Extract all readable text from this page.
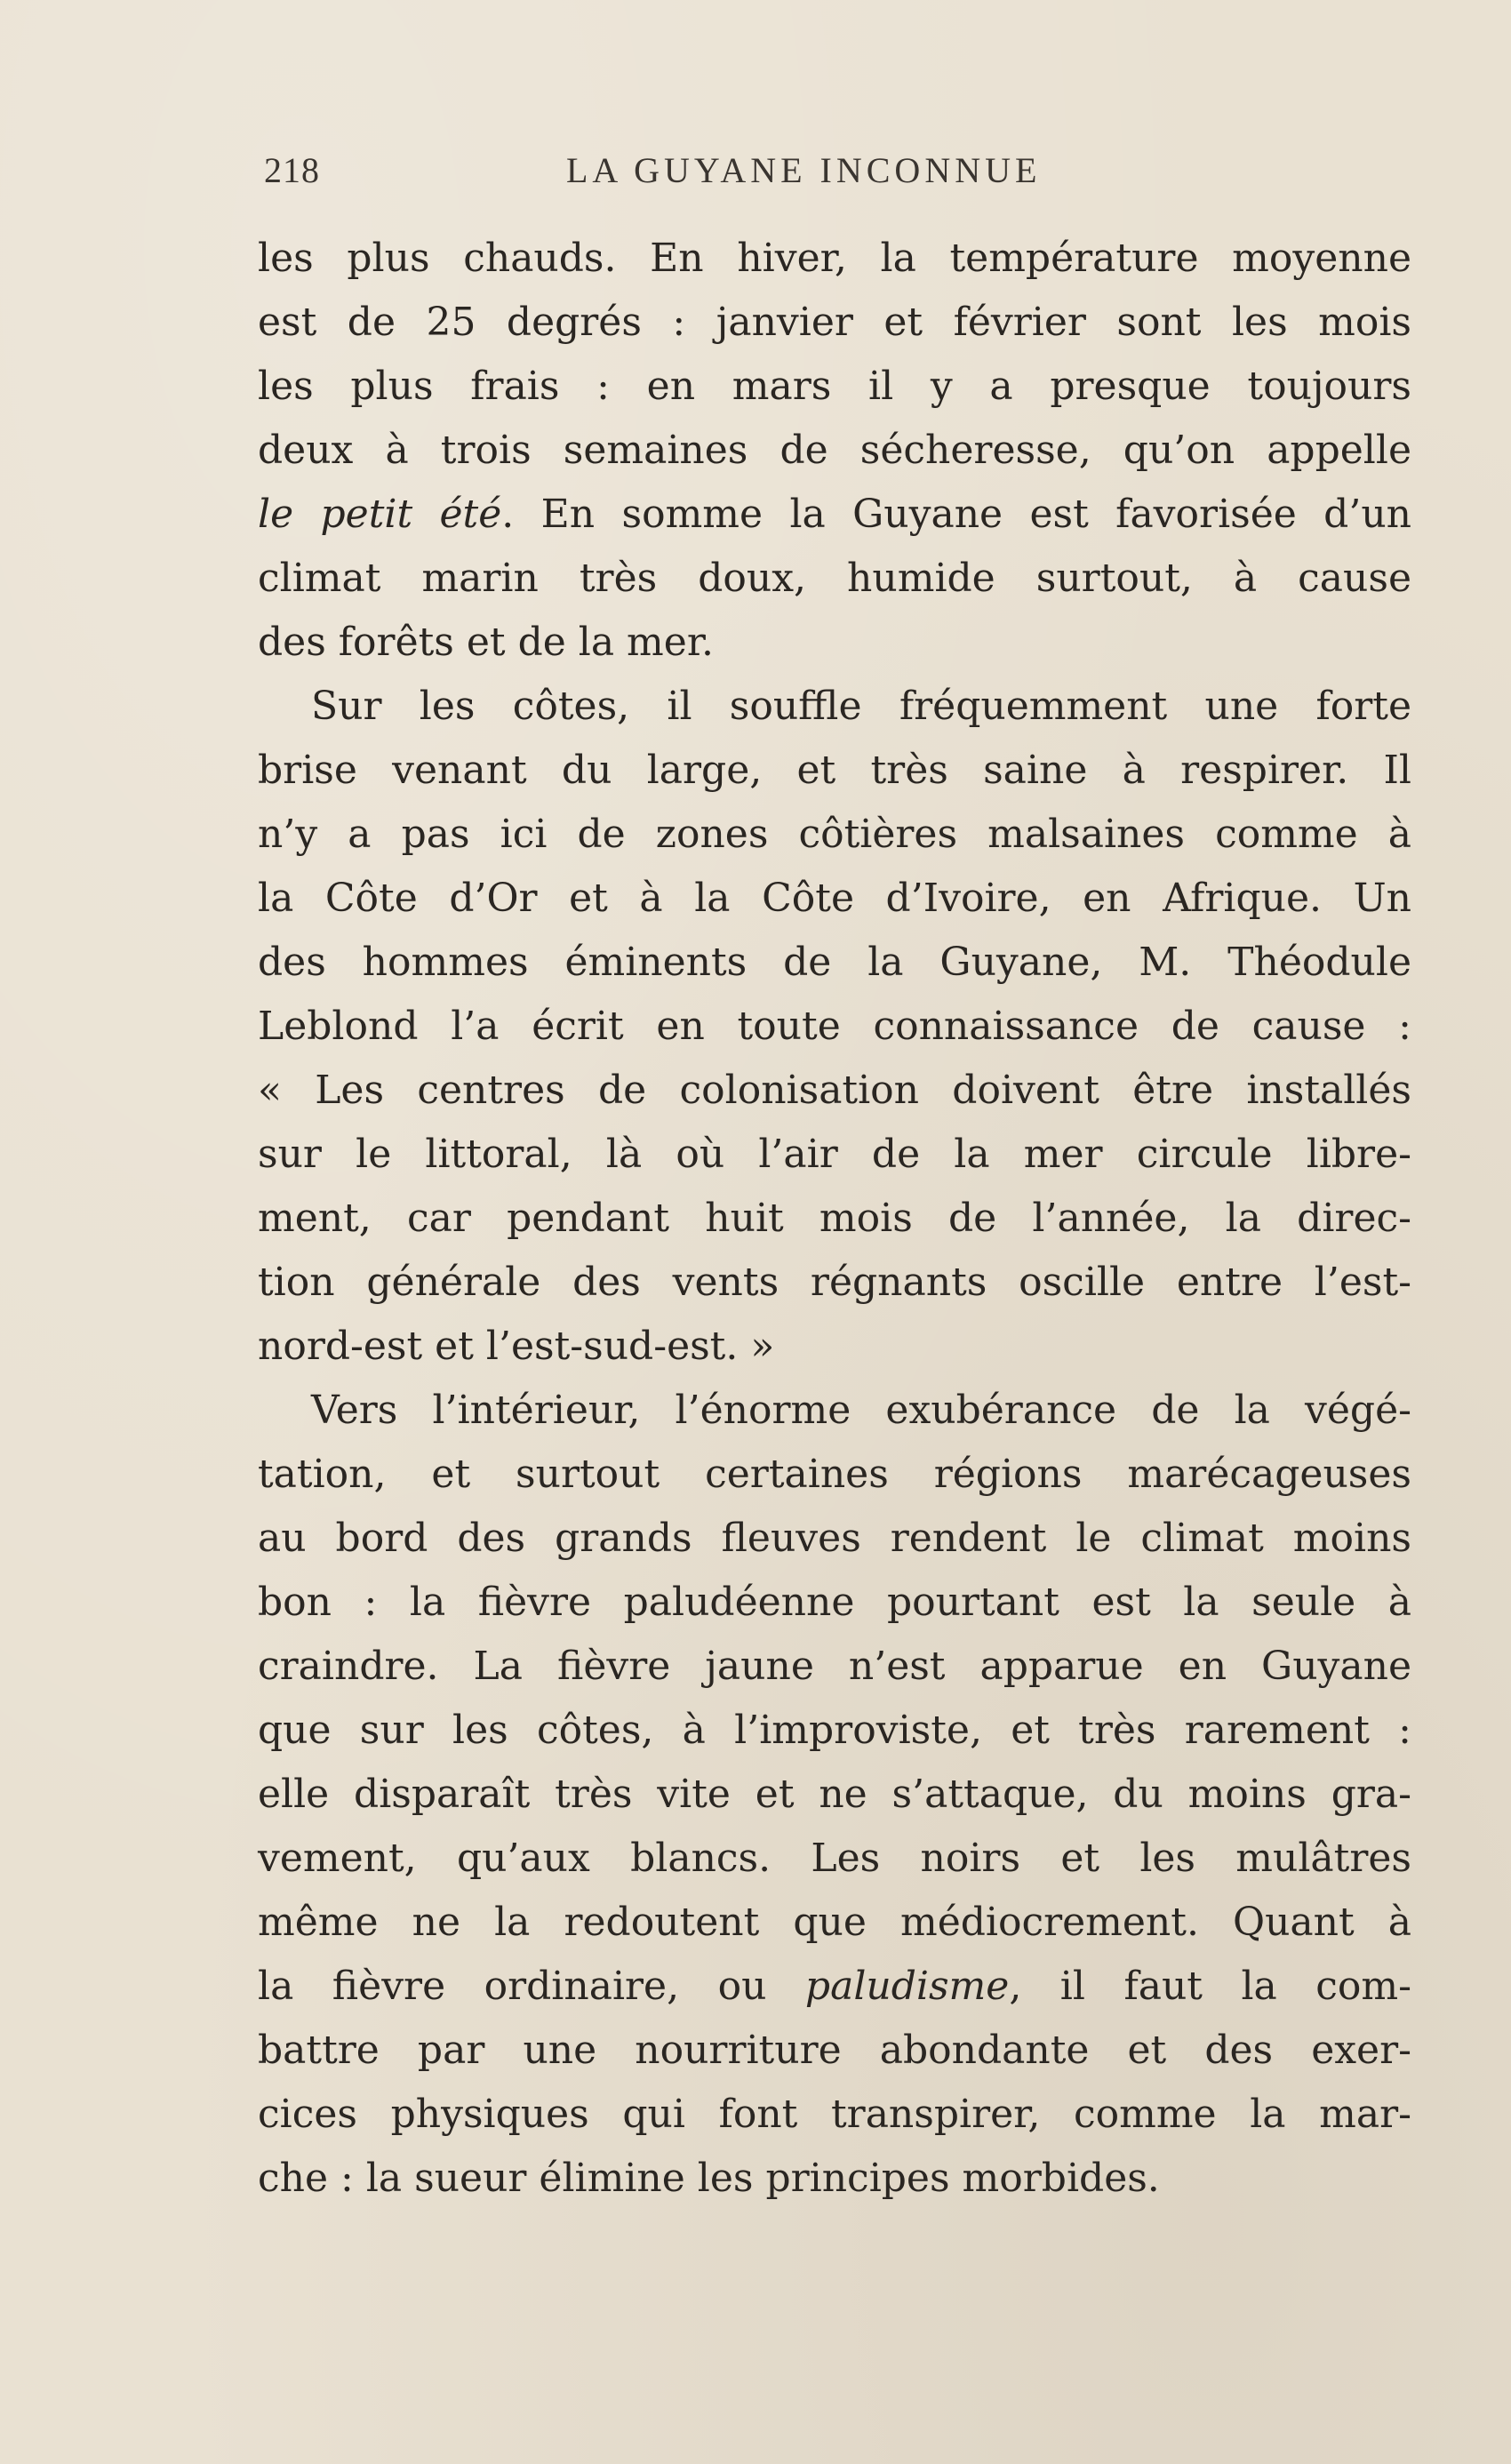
218	LA GUYANE INCONNUE
les plus chauds. En hiver, la température moyenne
est de 25 degrés : janvier et février sont les mois
les plus frais : en mars il y a presque toujours
deux à trois semaines de sécheresse, qu’on appelle
le petit été. En somme la Guyane est favorisée d’un
climat marin très doux, humide surtout, à cause
des forêts et de la mer.
Sur les côtes, il souffle fréquemment une forte
brise venant du large, et très saine à respirer. Il
n’y a pas ici de zones côtières malsaines comme à
la Côte d’Or et à la Côte d’Ivoire, en Afrique. Un
des hommes éminents de la Guyane, M. Théodule
Leblond l’a écrit en toute connaissance de cause :
« Les centres de colonisation doivent être installés
sur le littoral, là où l’air de la mer circule libre-
ment, car pendant huit mois de l’année, la direc-
tion générale des vents régnants oscille entre l’est-
nord-est et l’est-sud-est. »
Vers l’intérieur, l’énorme exubérance de la végé-
tation, et surtout certaines régions marécageuses
au bord des grands fleuves rendent le climat moins
bon : la fièvre paludéenne pourtant est la seule à
craindre. La fièvre jaune n’est apparue en Guyane
que sur les côtes, à l’improviste, et très rarement :
elle disparaît très vite et ne s’attaque, du moins gra-
vement, qu’aux blancs. Les noirs et les mulâtres
même ne la redoutent que médiocrement. Quant à
la fièvre ordinaire, ou paludisme, il faut la com-
battre par une nourriture abondante et des exer-
cices physiques qui font transpirer, comme la mar-
che : la sueur élimine les principes morbides.
